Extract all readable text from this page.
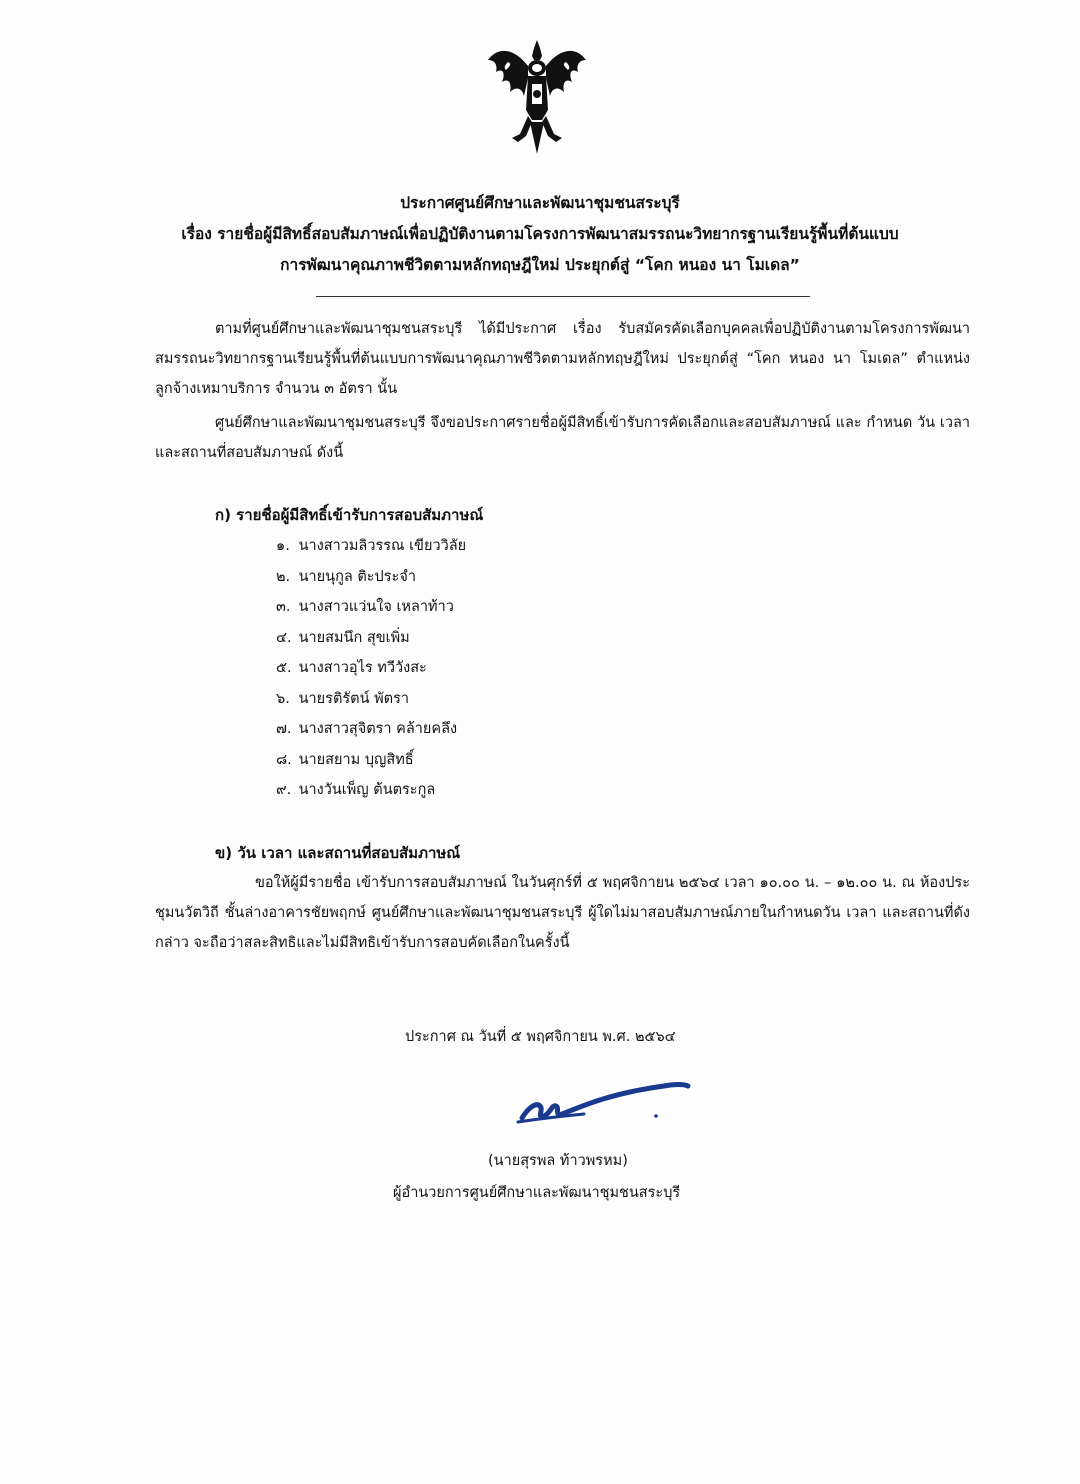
ประกาศศูนย์ศึกษาและพัฒนาชุมชนสระบุรี
เรื่อง รายชื่อผู้มีสิทธิ์สอบสัมภาษณ์เพื่อปฏิบัติงานตามโครงการพัฒนาสมรรถนะวิทยากรฐานเรียนรู้พื้นที่ต้นแบบ
การพัฒนาคุณภาพชีวิตตามหลักทฤษฎีใหม่ ประยุกต์สู่ “โคก หนอง นา โมเดล”
ตามที่ศูนย์ศึกษาและพัฒนาชุมชนสระบุรี ได้มีประกาศ เรื่อง รับสมัครคัดเลือกบุคคลเพื่อปฏิบัติงานตามโครงการพัฒนาสมรรถนะวิทยากรฐานเรียนรู้พื้นที่ต้นแบบการพัฒนาคุณภาพชีวิตตามหลักทฤษฎีใหม่ ประยุกต์สู่ “โคก หนอง นา โมเดล” ตำแหน่ง ลูกจ้างเหมาบริการ จำนวน ๓ อัตรา นั้น
ศูนย์ศึกษาและพัฒนาชุมชนสระบุรี จึงขอประกาศรายชื่อผู้มีสิทธิ์เข้ารับการคัดเลือกและสอบสัมภาษณ์ และ กำหนด วัน เวลา และสถานที่สอบสัมภาษณ์ ดังนี้
ก) รายชื่อผู้มีสิทธิ์เข้ารับการสอบสัมภาษณ์
๑. นางสาวมลิวรรณ เขียววิลัย
๒. นายนุกูล ติะประจำ
๓. นางสาวแว่นใจ เหลาท้าว
๔. นายสมนึก สุขเพิ่ม
๕. นางสาวอุไร ทวีวังสะ
๖. นายรติรัตน์ พัตรา
๗. นางสาวสุจิตรา คล้ายคลึง
๘. นายสยาม บุญสิทธิ์
๙. นางวันเพ็ญ ต้นตระกูล
ข) วัน เวลา และสถานที่สอบสัมภาษณ์
ขอให้ผู้มีรายชื่อ เข้ารับการสอบสัมภาษณ์ ในวันศุกร์ที่ ๕ พฤศจิกายน ๒๕๖๔ เวลา ๑๐.๐๐ น. – ๑๒.๐๐ น. ณ ห้องประชุมนวัตวิถี ชั้นล่างอาคารชัยพฤกษ์ ศูนย์ศึกษาและพัฒนาชุมชนสระบุรี ผู้ใดไม่มาสอบสัมภาษณ์ภายในกำหนดวัน เวลา และสถานที่ดังกล่าว จะถือว่าสละสิทธิและไม่มีสิทธิเข้ารับการสอบคัดเลือกในครั้งนี้
ประกาศ ณ วันที่ ๕ พฤศจิกายน พ.ศ. ๒๕๖๔
(นายสุรพล ท้าวพรหม)
ผู้อำนวยการศูนย์ศึกษาและพัฒนาชุมชนสระบุรี
